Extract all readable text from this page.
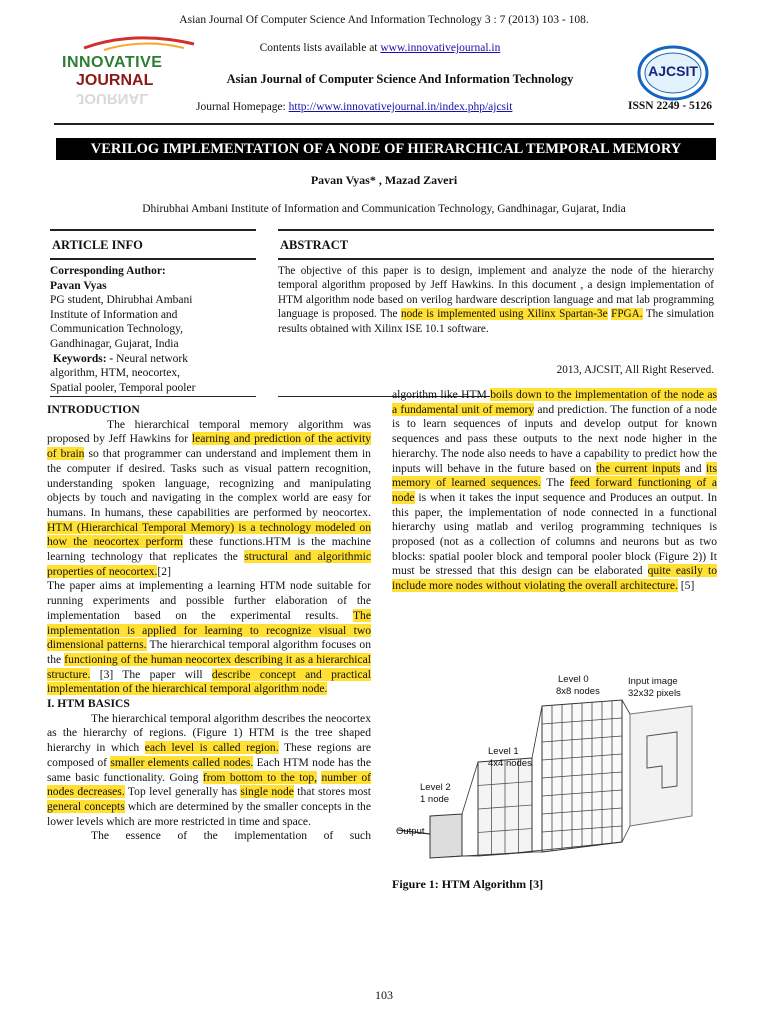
Asian Journal Of Computer Science And Information Technology 3 : 7 (2013) 103 - 108.
INNOVATIVE
JOURNAL
JOURNAL
Contents lists available at www.innovativejournal.in
Asian Journal of Computer Science And Information Technology
Journal Homepage: http://www.innovativejournal.in/index.php/ajcsit
AJCSIT
ISSN 2249 - 5126
VERILOG IMPLEMENTATION OF A NODE OF HIERARCHICAL TEMPORAL MEMORY
Pavan Vyas* , Mazad Zaveri
Dhirubhai Ambani Institute of Information and Communication Technology, Gandhinagar, Gujarat, India
ARTICLE INFO	ABSTRACT
Corresponding Author:
Pavan Vyas
PG student, Dhirubhai Ambani
Institute of Information and
Communication Technology,
Gandhinagar, Gujarat, India
Keywords: - Neural network
algorithm, HTM, neocortex,
Spatial pooler, Temporal pooler
The objective of this paper is to design, implement and analyze the node of the hierarchy temporal algorithm proposed by Jeff Hawkins. In this document , a design implementation of HTM algorithm node based on verilog hardware description language and mat lab programming language is proposed. The node is implemented using Xilinx Spartan-3e FPGA. The simulation results obtained with Xilinx ISE 10.1 software.
2013, AJCSIT, All Right Reserved.
INTRODUCTION
The hierarchical temporal memory algorithm was proposed by Jeff Hawkins for learning and prediction of the activity of brain so that programmer can understand and implement them in the computer if desired. Tasks such as visual pattern recognition, understanding spoken language, recognizing and manipulating objects by touch and navigating in the complex world are easy for humans. In humans, these capabilities are performed by neocortex. HTM (Hierarchical Temporal Memory) is a technology modeled on how the neocortex perform these functions.HTM is the machine learning technology that replicates the structural and algorithmic properties of neocortex.[2]
The paper aims at implementing a learning HTM node suitable for running experiments and possible further elaboration of the implementation based on the experimental results. The implementation is applied for learning to recognize visual two dimensional patterns. The hierarchical temporal algorithm focuses on the functioning of the human neocortex describing it as a hierarchical structure. [3] The paper will describe concept and practical implementation of the hierarchical temporal algorithm node.
I. HTM BASICS
The hierarchical temporal algorithm describes the neocortex as the hierarchy of regions. (Figure 1) HTM is the tree shaped hierarchy in which each level is called region. These regions are composed of smaller elements called nodes. Each HTM node has the same basic functionality. Going from bottom to the top, number of nodes decreases. Top level generally has single node that stores most general concepts which are determined by the smaller concepts in the lower levels which are more restricted in time and space.
The essence of the implementation of such
algorithm like HTM boils down to the implementation of the node as a fundamental unit of memory and prediction. The function of a node is to learn sequences of inputs and develop output for known sequences and pass these outputs to the next node higher in the hierarchy. The node also needs to have a capability to predict how the inputs will behave in the future based on the current inputs and its memory of learned sequences. The feed forward functioning of a node is when it takes the input sequence and Produces an output. In this paper, the implementation of node connected in a functional hierarchy using matlab and verilog programming techniques is proposed (not as a collection of columns and neurons but as two blocks: spatial pooler block and temporal pooler block (Figure 2)) It must be stressed that this design can be elaborated quite easily to include more nodes without violating the overall architecture. [5]
Input image
32x32 pixels
Level 0
8x8 nodes
Level 1
4x4 nodes
Level 2
1 node
Output
Figure 1: HTM Algorithm [3]
103
